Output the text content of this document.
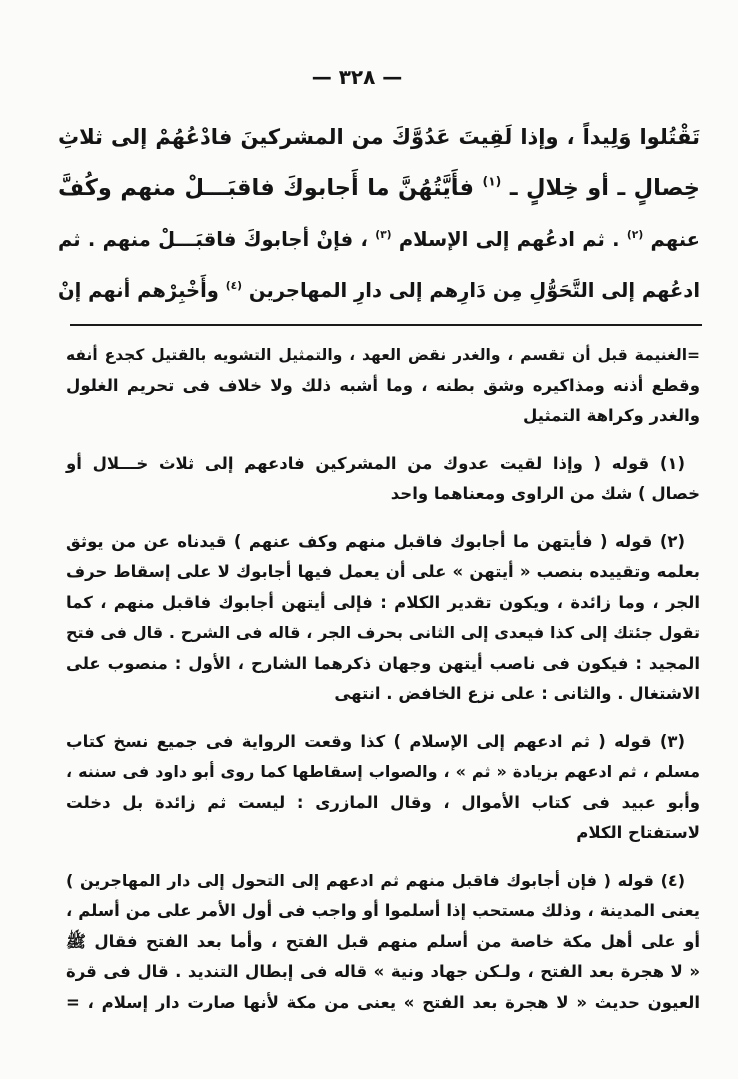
— ٣٢٨ —
تَقْتُلوا وَلِيداً ، وإذا لَقِيتَ عَدُوَّكَ من المشركينَ فادْعُهُمْ إلى ثلاثِ
خِصالٍ ـ أو خِلالٍ ـ $^{(١)}$ فأَيَّتُهُنَّ ما أَجابوكَ فاقبَـــلْ منهم وكُفَّ
عنهم $^{(٢)}$ . ثم ادعُهم إلى الإسلام $^{(٣)}$ ، فإنْ أجابوكَ فاقبَـــلْ منهم . ثم
ادعُهم إلى التَّحَوُّلِ مِن دَارِهم إلى دارِ المهاجرين $^{(٤)}$ وأَخْبِرْهم أنهم إنْ
=الغنيمة قبل أن تقسم ، والغدر نقض العهد ، والتمثيل التشويه بالقتيل كجدع أنفه
وقطع أذنه ومذاكيره وشق بطنه ، وما أشبه ذلك ولا خلاف فى تحريم الغلول
والغدر وكراهة التمثيل
(١) قوله ( وإذا لقيت عدوك من المشركين فادعهم إلى ثلاث خـــلال أو
خصال ) شك من الراوى ومعناهما واحد
(٢) قوله ( فأيتهن ما أجابوك فاقبل منهم وكف عنهم ) قيدناه عن من يوثق
بعلمه وتقييده بنصب « أيتهن » على أن يعمل فيها أجابوك لا على إسقاط حرف
الجر ، وما زائدة ، ويكون تقدير الكلام : فإلى أيتهن أجابوك فاقبل منهم ، كما
تقول جئتك إلى كذا فيعدى إلى الثانى بحرف الجر ، قاله فى الشرح . قال فى فتح
المجيد : فيكون فى ناصب أيتهن وجهان ذكرهما الشارح ، الأول : منصوب على
الاشتغال . والثانى : على نزع الخافض . انتهى
(٣) قوله ( ثم ادعهم إلى الإسلام ) كذا وقعت الرواية فى جميع نسخ كتاب
مسلم ، ثم ادعهم بزيادة « ثم » ، والصواب إسقاطها كما روى أبو داود فى سننه ،
وأبو عبيد فى كتاب الأموال ، وقال المازرى : ليست ثم زائدة بل دخلت
لاستفتاح الكلام
(٤) قوله ( فإن أجابوك فاقبل منهم ثم ادعهم إلى التحول إلى دار المهاجرين )
يعنى المدينة ، وذلك مستحب إذا أسلموا أو واجب فى أول الأمر على من أسلم ،
أو على أهل مكة خاصة من أسلم منهم قبل الفتح ، وأما بعد الفتح فقال ﷺ
« لا هجرة بعد الفتح ، ولـكن جهاد ونية » قاله فى إبطال التنديد . قال فى قرة
العيون حديث « لا هجرة بعد الفتح » يعنى من مكة لأنها صارت دار إسلام ، =
